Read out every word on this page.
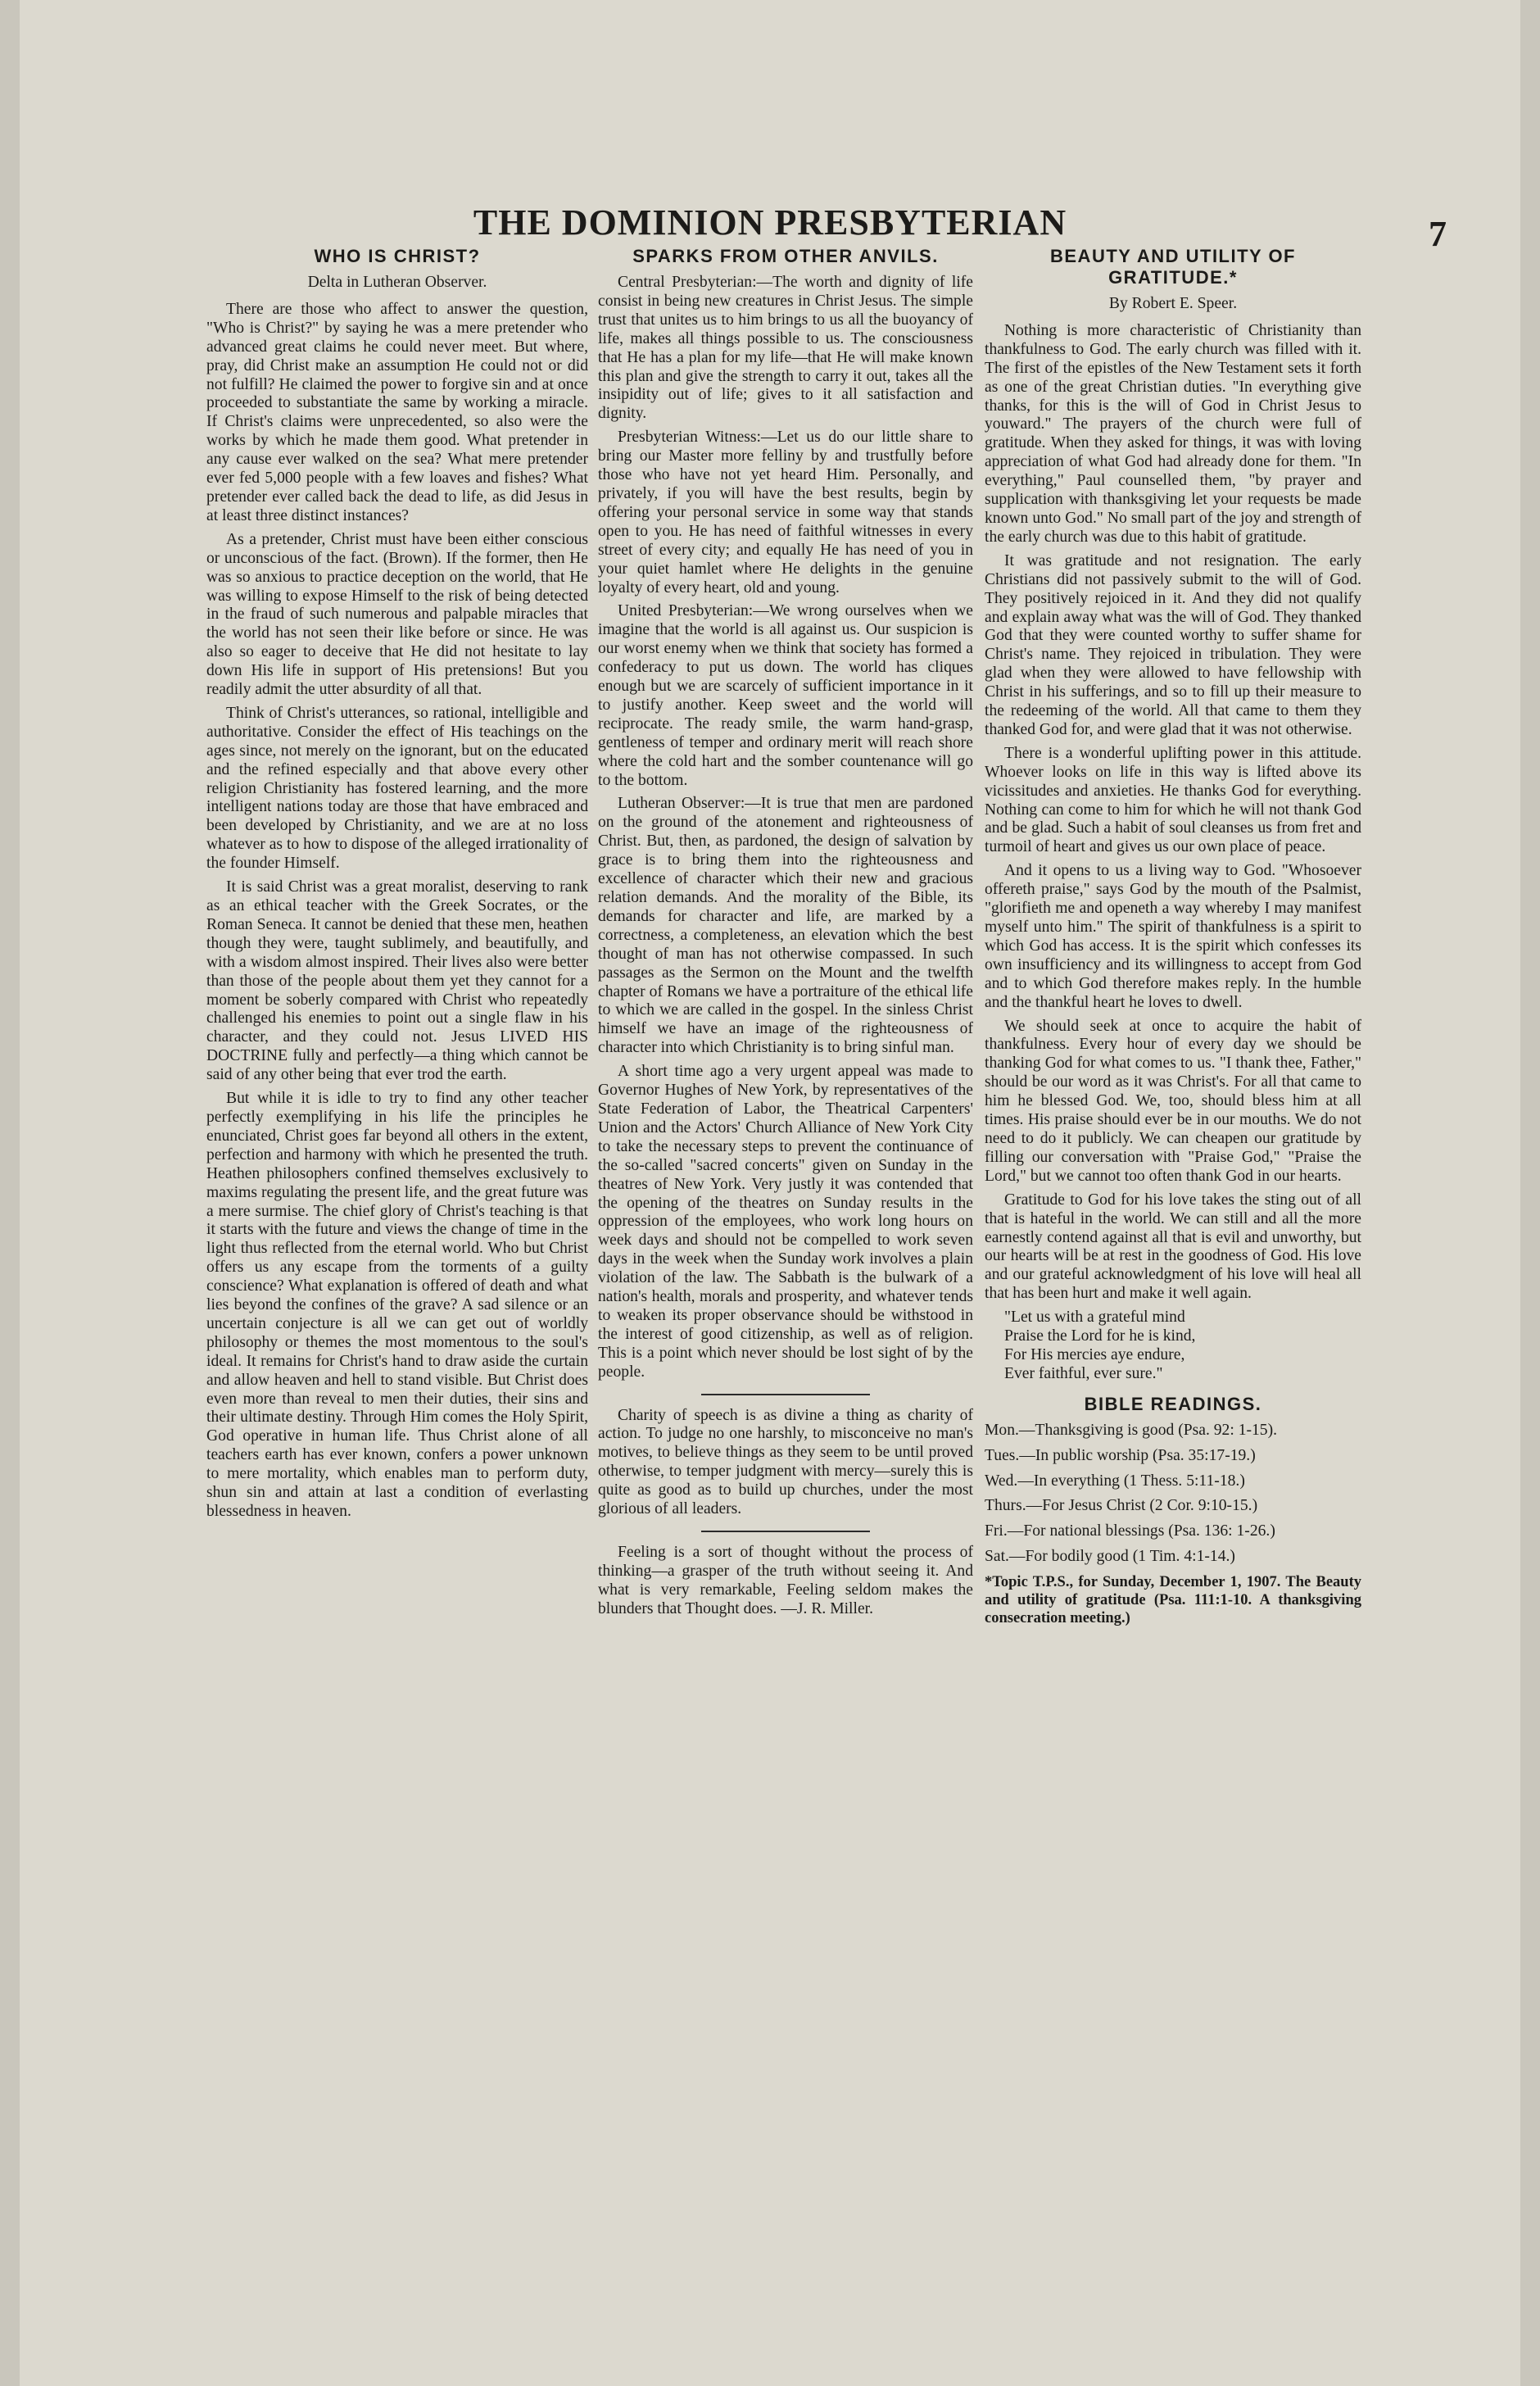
THE DOMINION PRESBYTERIAN	7
WHO IS CHRIST?
Delta in Lutheran Observer.

There are those who affect to answer the question, "Who is Christ?" by saying he was a mere pretender who advanced great claims he could never meet. But where, pray, did Christ make an assumption He could not or did not fulfill? He claimed the power to forgive sin and at once proceeded to substantiate the same by working a miracle. If Christ's claims were unprecedented, so also were the works by which he made them good. What pretender in any cause ever walked on the sea? What mere pretender ever fed 5,000 people with a few loaves and fishes? What pretender ever called back the dead to life, as did Jesus in at least three distinct instances?

As a pretender, Christ must have been either conscious or unconscious of the fact. (Brown). If the former, then He was so anxious to practice deception on the world, that He was willing to expose Himself to the risk of being detected in the fraud of such numerous and palpable miracles that the world has not seen their like before or since. He was also so eager to deceive that He did not hesitate to lay down His life in support of His pretensions! But you readily admit the utter absurdity of all that.

Think of Christ's utterances, so rational, intelligible and authoritative. Consider the effect of His teachings on the ages since, not merely on the ignorant, but on the educated and the refined especially and that above every other religion Christianity has fostered learning, and the more intelligent nations today are those that have embraced and been developed by Christianity, and we are at no loss whatever as to how to dispose of the alleged irrationality of the founder Himself.

It is said Christ was a great moralist, deserving to rank as an ethical teacher with the Greek Socrates, or the Roman Seneca. It cannot be denied that these men, heathen though they were, taught sublimely, and beautifully, and with a wisdom almost inspired. Their lives also were better than those of the people about them yet they cannot for a moment be soberly compared with Christ who repeatedly challenged his enemies to point out a single flaw in his character, and they could not. Jesus LIVED HIS DOCTRINE fully and perfectly—a thing which cannot be said of any other being that ever trod the earth.

But while it is idle to try to find any other teacher perfectly exemplifying in his life the principles he enunciated, Christ goes far beyond all others in the extent, perfection and harmony with which he presented the truth. Heathen philosophers confined themselves exclusively to maxims regulating the present life, and the great future was a mere surmise. The chief glory of Christ's teaching is that it starts with the future and views the change of time in the light thus reflected from the eternal world. Who but Christ offers us any escape from the torments of a guilty conscience? What explanation is offered of death and what lies beyond the confines of the grave? A sad silence or an uncertain conjecture is all we can get out of worldly philosophy or themes the most momentous to the soul's ideal. It remains for Christ's hand to draw aside the curtain and allow heaven and hell to stand visible. But Christ does even more than reveal to men their duties, their sins and their ultimate destiny. Through Him comes the Holy Spirit, God operative in human life. Thus Christ alone of all teachers earth has ever known, confers a power unknown to mere mortality, which enables man to perform duty, shun sin and attain at last a condition of everlasting blessedness in heaven.

SPARKS FROM OTHER ANVILS.

Central Presbyterian:—The worth and dignity of life consist in being new creatures in Christ Jesus. The simple trust that unites us to him brings to us all the buoyancy of life, makes all things possible to us. The consciousness that He has a plan for my life—that He will make known this plan and give the strength to carry it out, takes all the insipidity out of life; gives to it all satisfaction and dignity.

Presbyterian Witness:—Let us do our little share to bring our Master more felliny by and trustfully before those who have not yet heard Him. Personally, and privately, if you will have the best results, begin by offering your personal service in some way that stands open to you. He has need of faithful witnesses in every street of every city; and equally He has need of you in your quiet hamlet where He delights in the genuine loyalty of every heart, old and young.

United Presbyterian:—We wrong ourselves when we imagine that the world is all against us. Our suspicion is our worst enemy when we think that society has formed a confederacy to put us down. The world has cliques enough but we are scarcely of sufficient importance in it to justify another. Keep sweet and the world will reciprocate. The ready smile, the warm hand-grasp, gentleness of temper and ordinary merit will reach shore where the cold hart and the somber countenance will go to the bottom.

Lutheran Observer:—It is true that men are pardoned on the ground of the atonement and righteousness of Christ. But, then, as pardoned, the design of salvation by grace is to bring them into the righteousness and excellence of character which their new and gracious relation demands. And the morality of the Bible, its demands for character and life, are marked by a correctness, a completeness, an elevation which the best thought of man has not otherwise compassed. In such passages as the Sermon on the Mount and the twelfth chapter of Romans we have a portraiture of the ethical life to which we are called in the gospel. In the sinless Christ himself we have an image of the righteousness of character into which Christianity is to bring sinful man.

A short time ago a very urgent appeal was made to Governor Hughes of New York, by representatives of the State Federation of Labor, the Theatrical Carpenters' Union and the Actors' Church Alliance of New York City to take the necessary steps to prevent the continuance of the so-called "sacred concerts" given on Sunday in the theatres of New York. Very justly it was contended that the opening of the theatres on Sunday results in the oppression of the employees, who work long hours on week days and should not be compelled to work seven days in the week when the Sunday work involves a plain violation of the law. The Sabbath is the bulwark of a nation's health, morals and prosperity, and whatever tends to weaken its proper observance should be withstood in the interest of good citizenship, as well as of religion. This is a point which never should be lost sight of by the people.

Charity of speech is as divine a thing as charity of action. To judge no one harshly, to misconceive no man's motives, to believe things as they seem to be until proved otherwise, to temper judgment with mercy—surely this is quite as good as to build up churches, under the most glorious of all leaders.

Feeling is a sort of thought without the process of thinking—a grasper of the truth without seeing it. And what is very remarkable, Feeling seldom makes the blunders that Thought does. —J. R. Miller.

BEAUTY AND UTILITY OF GRATITUDE.*
By Robert E. Speer.

Nothing is more characteristic of Christianity than thankfulness to God. The early church was filled with it. The first of the epistles of the New Testament sets it forth as one of the great Christian duties. "In everything give thanks, for this is the will of God in Christ Jesus to youward." The prayers of the church were full of gratitude. When they asked for things, it was with loving appreciation of what God had already done for them. "In everything," Paul counselled them, "by prayer and supplication with thanksgiving let your requests be made known unto God." No small part of the joy and strength of the early church was due to this habit of gratitude.

It was gratitude and not resignation. The early Christians did not passively submit to the will of God. They positively rejoiced in it. And they did not qualify and explain away what was the will of God. They thanked God that they were counted worthy to suffer shame for Christ's name. They rejoiced in tribulation. They were glad when they were allowed to have fellowship with Christ in his sufferings, and so to fill up their measure to the redeeming of the world. All that came to them they thanked God for, and were glad that it was not otherwise.

There is a wonderful uplifting power in this attitude. Whoever looks on life in this way is lifted above its vicissitudes and anxieties. He thanks God for everything. Nothing can come to him for which he will not thank God and be glad. Such a habit of soul cleanses us from fret and turmoil of heart and gives us our own place of peace.

And it opens to us a living way to God. "Whosoever offereth praise," says God by the mouth of the Psalmist, "glorifieth me and openeth a way whereby I may manifest myself unto him." The spirit of thankfulness is a spirit to which God has access. It is the spirit which confesses its own insufficiency and its willingness to accept from God and to which God therefore makes reply. In the humble and the thankful heart he loves to dwell.

We should seek at once to acquire the habit of thankfulness. Every hour of every day we should be thanking God for what comes to us. "I thank thee, Father," should be our word as it was Christ's. For all that came to him he blessed God. We, too, should bless him at all times. His praise should ever be in our mouths. We do not need to do it publicly. We can cheapen our gratitude by filling our conversation with "Praise God," "Praise the Lord," but we cannot too often thank God in our hearts.

Gratitude to God for his love takes the sting out of all that is hateful in the world. We can still and all the more earnestly contend against all that is evil and unworthy, but our hearts will be at rest in the goodness of God. His love and our grateful acknowledgment of his love will heal all that has been hurt and make it well again.

"Let us with a grateful mind

Praise the Lord for he is kind,

For His mercies aye endure,

Ever faithful, ever sure."

BIBLE READINGS.

Mon.—Thanksgiving is good (Psa. 92: 1-15).

Tues.—In public worship (Psa. 35:17-19.)

Wed.—In everything (1 Thess. 5:11-18.)

Thurs.—For Jesus Christ (2 Cor. 9:10-15.)

Fri.—For national blessings (Psa. 136: 1-26.)

Sat.—For bodily good (1 Tim. 4:1-14.)

*Topic T.P.S., for Sunday, December 1, 1907. The Beauty and utility of gratitude (Psa. 111:1-10. A thanksgiving consecration meeting.)
